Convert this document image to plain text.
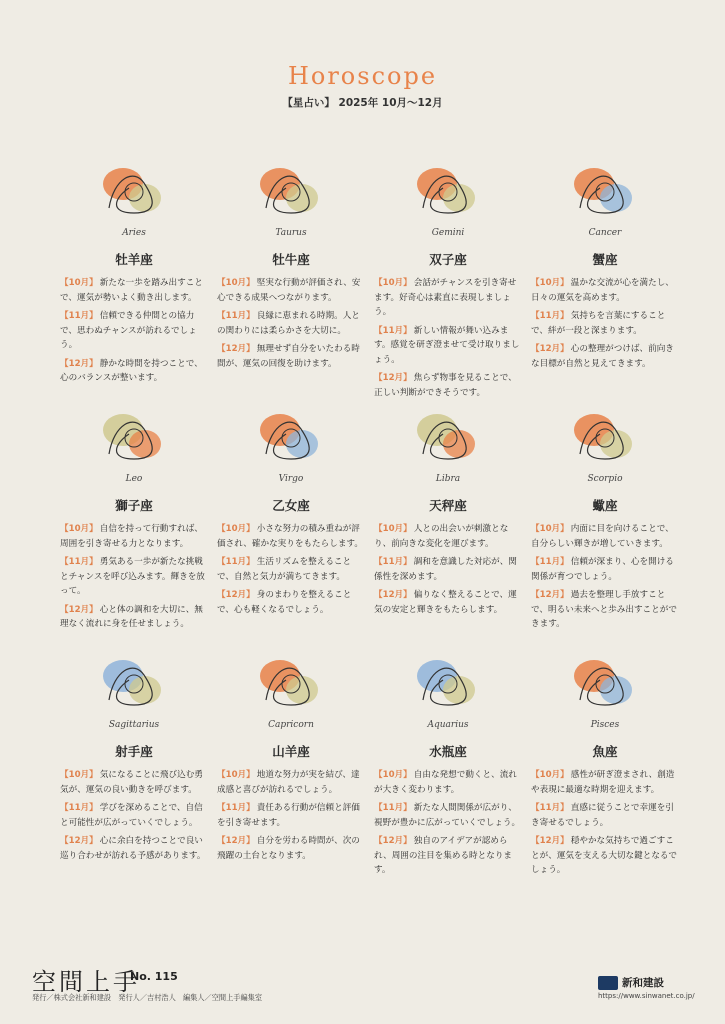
Horoscope
【星占い】 2025年 10月～12月
Aries
牡羊座

【10月】 新たな一歩を踏み出すことで、運気が勢いよく動き出します。

【11月】 信頼できる仲間との協力で、思わぬチャンスが訪れるでしょう。

【12月】 静かな時間を持つことで、心のバランスが整います。

Taurus
牡牛座

【10月】 堅実な行動が評価され、安心できる成果へつながります。

【11月】 良縁に恵まれる時期。人との関わりには柔らかさを大切に。

【12月】 無理せず自分をいたわる時間が、運気の回復を助けます。

Gemini
双子座

【10月】 会話がチャンスを引き寄せます。好奇心は素直に表現しましょう。

【11月】 新しい情報が舞い込みます。感覚を研ぎ澄ませて受け取りましょう。

【12月】 焦らず物事を見ることで、正しい判断ができそうです。

Cancer
蟹座

【10月】 温かな交流が心を満たし、日々の運気を高めます。

【11月】 気持ちを言葉にすることで、絆が一段と深まります。

【12月】 心の整理がつけば、前向きな目標が自然と見えてきます。

Leo
獅子座

【10月】 自信を持って行動すれば、周囲を引き寄せる力となります。

【11月】 勇気ある一歩が新たな挑戦とチャンスを呼び込みます。輝きを放って。

【12月】 心と体の調和を大切に、無理なく流れに身を任せましょう。

Virgo
乙女座

【10月】 小さな努力の積み重ねが評価され、確かな実りをもたらします。

【11月】 生活リズムを整えることで、自然と気力が満ちてきます。

【12月】 身のまわりを整えることで、心も軽くなるでしょう。

Libra
天秤座

【10月】 人との出会いが刺激となり、前向きな変化を運びます。

【11月】 調和を意識した対応が、関係性を深めます。

【12月】 偏りなく整えることで、運気の安定と輝きをもたらします。

Scorpio
蠍座

【10月】 内面に目を向けることで、自分らしい輝きが増していきます。

【11月】 信頼が深まり、心を開ける関係が育つでしょう。

【12月】 過去を整理し手放すことで、明るい未来へと歩み出すことができます。

Sagittarius
射手座

【10月】 気になることに飛び込む勇気が、運気の良い動きを呼びます。

【11月】 学びを深めることで、自信と可能性が広がっていくでしょう。

【12月】 心に余白を持つことで良い巡り合わせが訪れる予感があります。

Capricorn
山羊座

【10月】 地道な努力が実を結び、達成感と喜びが訪れるでしょう。

【11月】 責任ある行動が信頼と評価を引き寄せます。

【12月】 自分を労わる時間が、次の飛躍の土台となります。

Aquarius
水瓶座

【10月】 自由な発想で動くと、流れが大きく変わります。

【11月】 新たな人間関係が広がり、視野が豊かに広がっていくでしょう。

【12月】 独自のアイデアが認められ、周囲の注目を集める時となります。

Pisces
魚座

【10月】 感性が研ぎ澄まされ、創造や表現に最適な時期を迎えます。

【11月】 直感に従うことで幸運を引き寄せるでしょう。

【12月】 穏やかな気持ちで過ごすことが、運気を支える大切な鍵となるでしょう。

空間上手
No. 115
発行／株式会社新和建設　発行人／吉村浩人　編集人／空間上手編集室
新和建設
https://www.sinwanet.co.jp/
